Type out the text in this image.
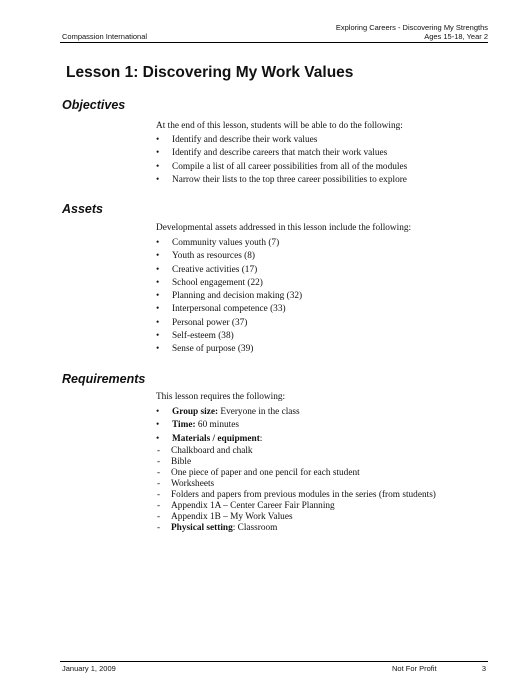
Compassion International
Exploring Careers - Discovering My Strengths
Ages 15-18, Year 2
Lesson 1: Discovering My Work Values
Objectives
At the end of this lesson, students will be able to do the following:
• Identify and describe their work values
• Identify and describe careers that match their work values
• Compile a list of all career possibilities from all of the modules
• Narrow their lists to the top three career possibilities to explore
Assets
Developmental assets addressed in this lesson include the following:
• Community values youth (7)
• Youth as resources (8)
• Creative activities (17)
• School engagement (22)
• Planning and decision making (32)
• Interpersonal competence (33)
• Personal power (37)
• Self-esteem (38)
• Sense of purpose (39)
Requirements
This lesson requires the following:
• Group size: Everyone in the class
• Time: 60 minutes
• Materials / equipment:
- Chalkboard and chalk
- Bible
- One piece of paper and one pencil for each student
- Worksheets
- Folders and papers from previous modules in the series (from students)
- Appendix 1A – Center Career Fair Planning
- Appendix 1B – My Work Values
- Physical setting: Classroom
January 1, 2009	Not For Profit	3
